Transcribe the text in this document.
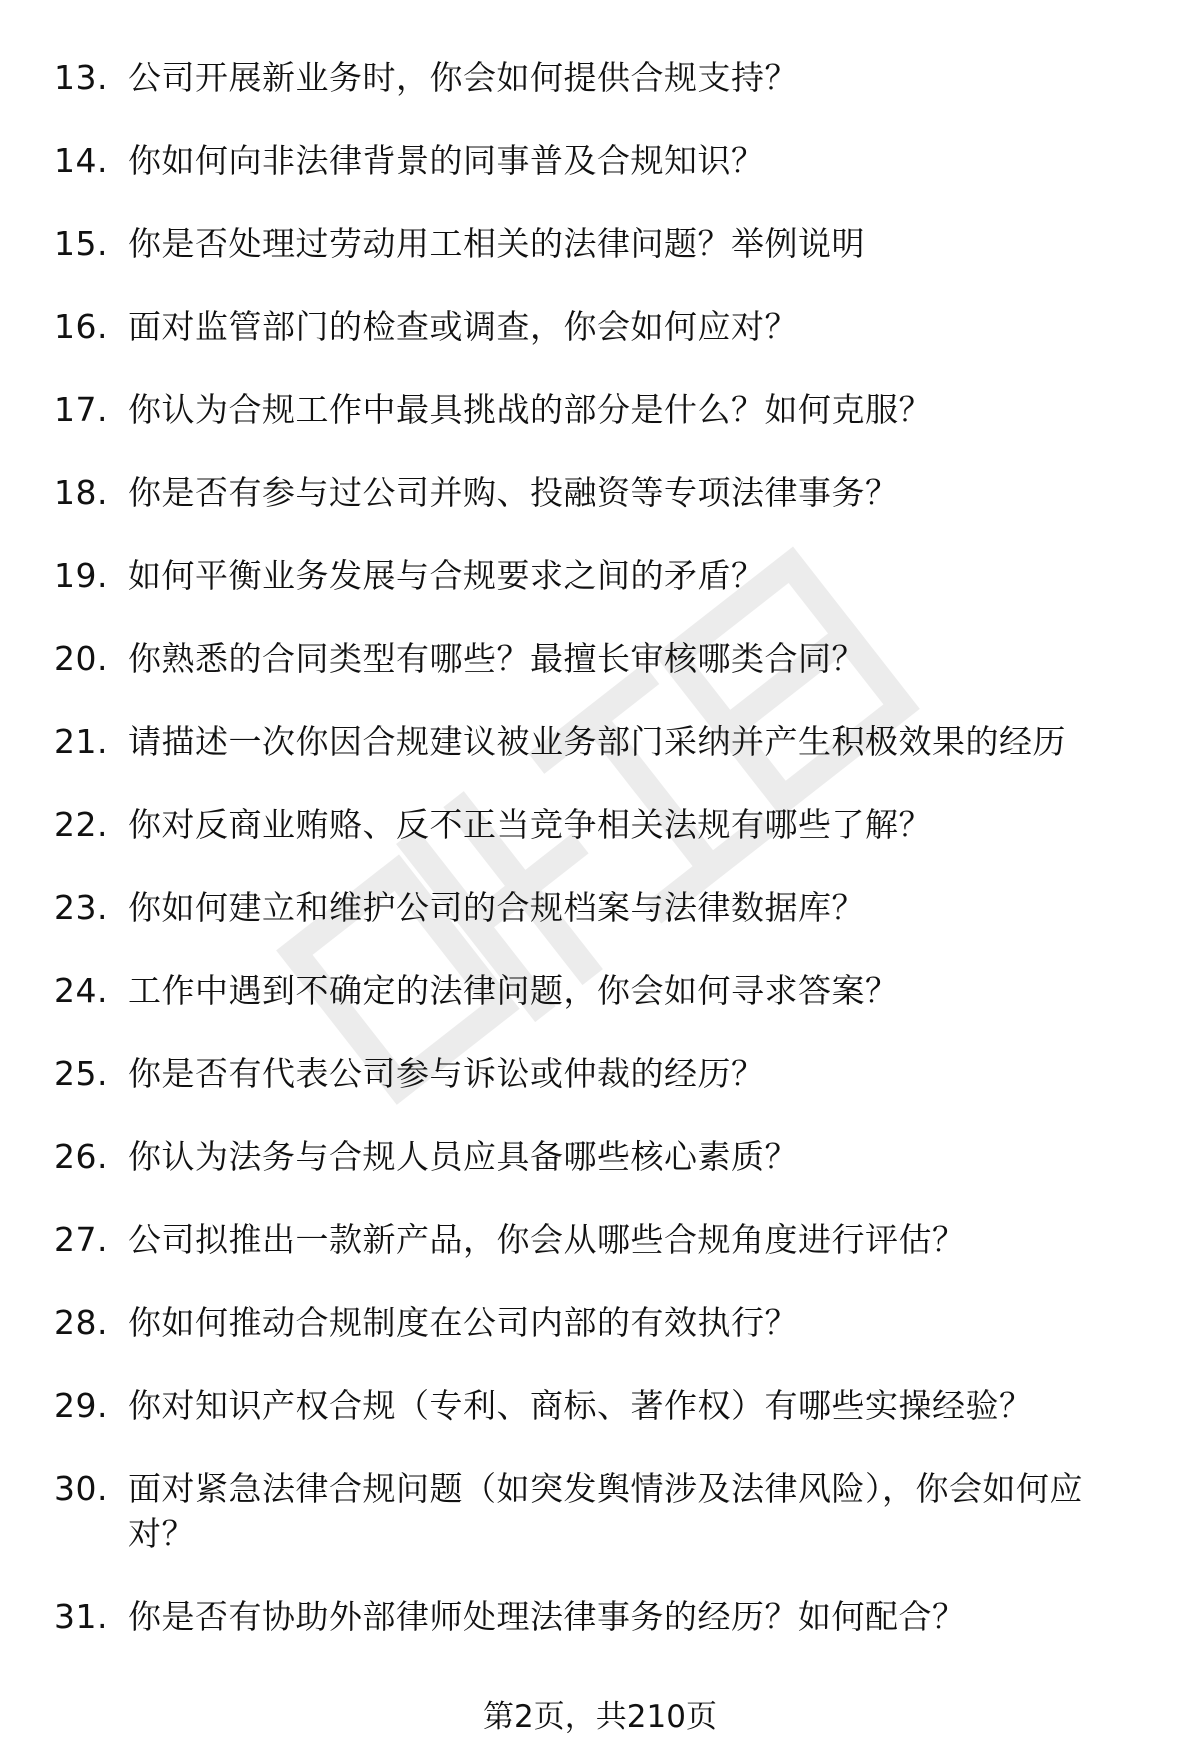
13. 公司开展新业务时，你会如何提供合规支持？
14. 你如何向非法律背景的同事普及合规知识？
15. 你是否处理过劳动用工相关的法律问题？举例说明
16. 面对监管部门的检查或调查，你会如何应对？
17. 你认为合规工作中最具挑战的部分是什么？如何克服？
18. 你是否有参与过公司并购、投融资等专项法律事务？
19. 如何平衡业务发展与合规要求之间的矛盾？
20. 你熟悉的合同类型有哪些？最擅长审核哪类合同？
21. 请描述一次你因合规建议被业务部门采纳并产生积极效果的经历
22. 你对反商业贿赂、反不正当竞争相关法规有哪些了解？
23. 你如何建立和维护公司的合规档案与法律数据库？
24. 工作中遇到不确定的法律问题，你会如何寻求答案？
25. 你是否有代表公司参与诉讼或仲裁的经历？
26. 你认为法务与合规人员应具备哪些核心素质？
27. 公司拟推出一款新产品，你会从哪些合规角度进行评估？
28. 你如何推动合规制度在公司内部的有效执行？
29. 你对知识产权合规（专利、商标、著作权）有哪些实操经验？
30. 面对紧急法律合规问题（如突发舆情涉及法律风险），你会如何应对？
31. 你是否有协助外部律师处理法律事务的经历？如何配合？
第2页，共210页
